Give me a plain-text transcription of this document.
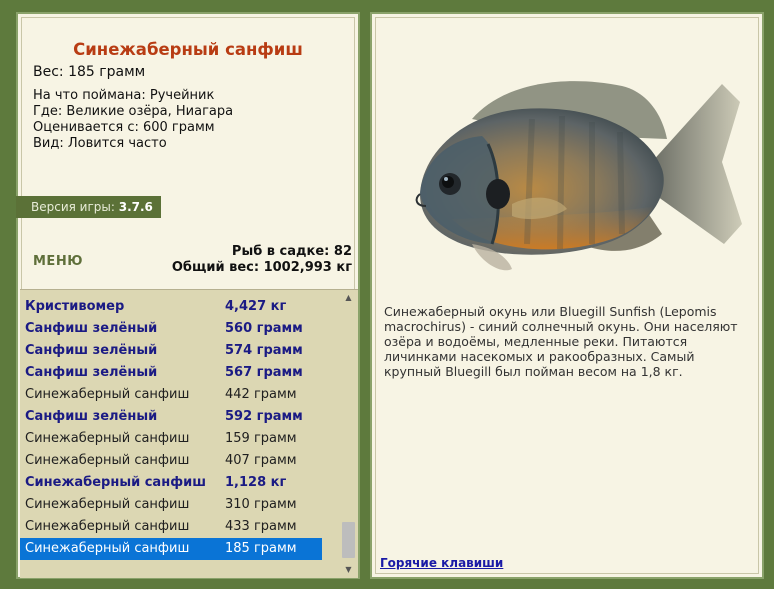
Синежаберный санфиш
Вес: 185 грамм
На что поймана: Ручейник
Где: Великие озёра, Ниагара
Оценивается с: 600 грамм
Вид: Ловится часто
Версия игры: 3.7.6
МЕНЮ
Рыб в садке: 82
Общий вес: 1002,993 кг
Кристивомер	4,427 кг
Санфиш зелёный	560 грамм
Санфиш зелёный	574 грамм
Санфиш зелёный	567 грамм
Синежаберный санфиш	442 грамм
Санфиш зелёный	592 грамм
Синежаберный санфиш	159 грамм
Синежаберный санфиш	407 грамм
Синежаберный санфиш 1,128 кг
Синежаберный санфиш	310 грамм
Синежаберный санфиш	433 грамм
Синежаберный санфиш	185 грамм
▲
▼
Синежаберный окунь или Bluegill Sunfish (Lepomis macrochirus) - синий солнечный окунь. Они населяют озёра и водоёмы, медленные реки. Питаются личинками насекомых и ракообразных. Самый крупный Bluegill был пойман весом на 1,8 кг.
Горячие клавиши
